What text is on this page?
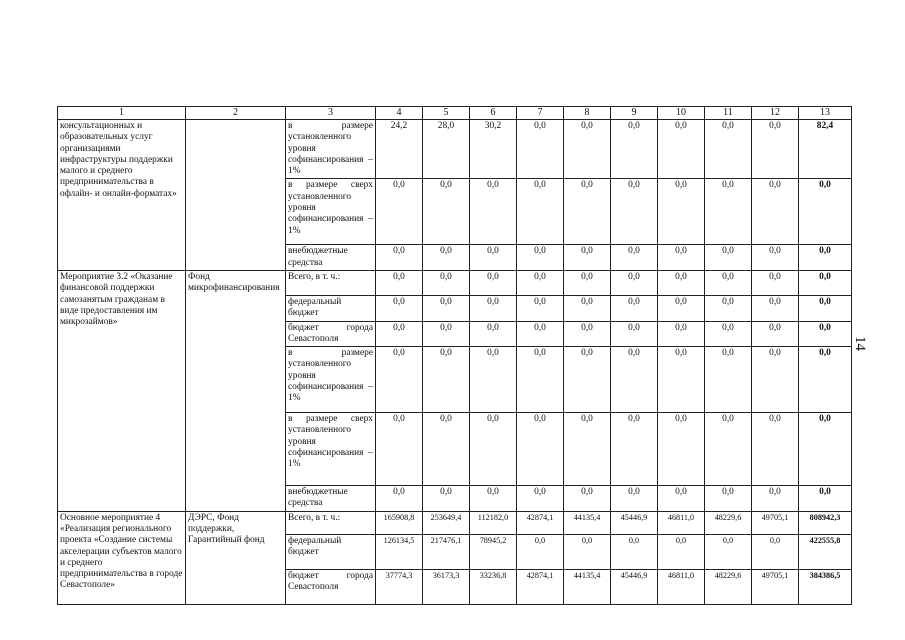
1	2	3	4	5	6	7	8	9	10	11	12	13
консультационных и образовательных услуг организациями инфраструктуры поддержки малого и среднего предпринимательства в офлайн- и онлайн-форматах»		в размере установленного уровня софинансирования – 1%	24,2	28,0	30,2	0,0	0,0	0,0	0,0	0,0	0,0	82,4
		в размере сверх установленного уровня софинансирования – 1%	0,0	0,0	0,0	0,0	0,0	0,0	0,0	0,0	0,0	0,0
		внебюджетные средства	0,0	0,0	0,0	0,0	0,0	0,0	0,0	0,0	0,0	0,0
Мероприятие 3.2 «Оказание финансовой поддержки самозанятым гражданам в виде предоставления им микрозаймов»	Фонд микрофинансирования	Всего, в т. ч.:	0,0	0,0	0,0	0,0	0,0	0,0	0,0	0,0	0,0	0,0
		федеральный бюджет	0,0	0,0	0,0	0,0	0,0	0,0	0,0	0,0	0,0	0,0
		бюджет города Севастополя	0,0	0,0	0,0	0,0	0,0	0,0	0,0	0,0	0,0	0,0
		в размере установленного уровня софинансирования – 1%	0,0	0,0	0,0	0,0	0,0	0,0	0,0	0,0	0,0	0,0
		в размере сверх установленного уровня софинансирования – 1%	0,0	0,0	0,0	0,0	0,0	0,0	0,0	0,0	0,0	0,0
		внебюджетные средства	0,0	0,0	0,0	0,0	0,0	0,0	0,0	0,0	0,0	0,0
Основное мероприятие 4 «Реализация регионального проекта «Создание системы акселерации субъектов малого и среднего предпринимательства в городе Севастополе»	ДЭРС, Фонд поддержки, Гарантийный фонд	Всего, в т. ч.:	165908,8	253649,4	112182,0	42874,1	44135,4	45446,9	46811,0	48229,6	49705,1	808942,3
		федеральный бюджет	126134,5	217476,1	78945,2	0,0	0,0	0,0	0,0	0,0	0,0	422555,8
		бюджет города Севастополя	37774,3	36173,3	33236,8	42874,1	44135,4	45446,9	46811,0	48229,6	49705,1	384386,5
14
